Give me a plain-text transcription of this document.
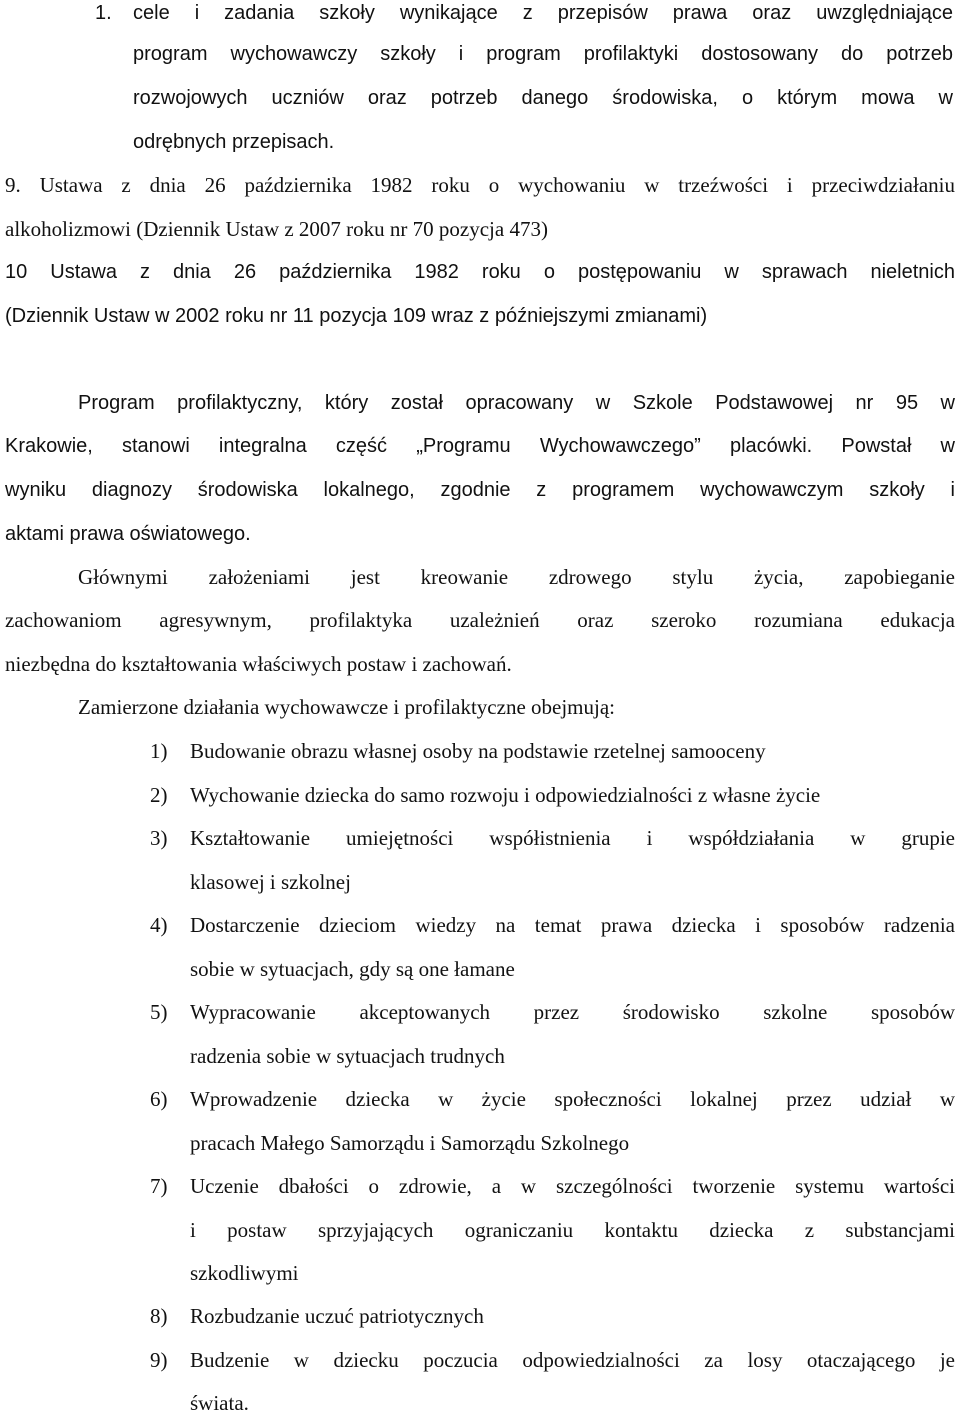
1. cele i zadania szkoły wynikające z przepisów prawa oraz uwzględniające
program wychowawczy szkoły i program profilaktyki dostosowany do potrzeb
rozwojowych uczniów oraz potrzeb danego środowiska, o którym mowa w
odrębnych przepisach.
9. Ustawa z dnia 26 października 1982 roku o wychowaniu w trzeźwości i przeciwdziałaniu
alkoholizmowi (Dziennik Ustaw z 2007 roku nr 70 pozycja 473)
10 Ustawa z dnia 26 października 1982 roku o postępowaniu w sprawach nieletnich
(Dziennik Ustaw w 2002 roku nr 11 pozycja 109 wraz z późniejszymi zmianami)
Program profilaktyczny, który został opracowany w Szkole Podstawowej nr 95 w
Krakowie, stanowi integralna część „Programu Wychowawczego” placówki. Powstał w
wyniku diagnozy środowiska lokalnego, zgodnie z programem wychowawczym szkoły i
aktami prawa oświatowego.
Głównymi założeniami jest kreowanie zdrowego stylu życia, zapobieganie
zachowaniom agresywnym, profilaktyka uzależnień oraz szeroko rozumiana edukacja
niezbędna do kształtowania właściwych postaw i zachowań.
Zamierzone działania wychowawcze i profilaktyczne obejmują:
1) Budowanie obrazu własnej osoby na podstawie rzetelnej samooceny
2) Wychowanie dziecka do samo rozwoju i odpowiedzialności z własne życie
3) Kształtowanie umiejętności współistnienia i współdziałania w grupie
klasowej i szkolnej
4) Dostarczenie dzieciom wiedzy na temat prawa dziecka i sposobów radzenia
sobie w sytuacjach, gdy są one łamane
5) Wypracowanie akceptowanych przez środowisko szkolne sposobów
radzenia sobie w sytuacjach trudnych
6) Wprowadzenie dziecka w życie społeczności lokalnej przez udział w
pracach Małego Samorządu i Samorządu Szkolnego
7) Uczenie dbałości o zdrowie, a w szczególności tworzenie systemu wartości
i postaw sprzyjających ograniczaniu kontaktu dziecka z substancjami
szkodliwymi
8) Rozbudzanie uczuć patriotycznych
9) Budzenie w dziecku poczucia odpowiedzialności za losy otaczającego je
świata.
